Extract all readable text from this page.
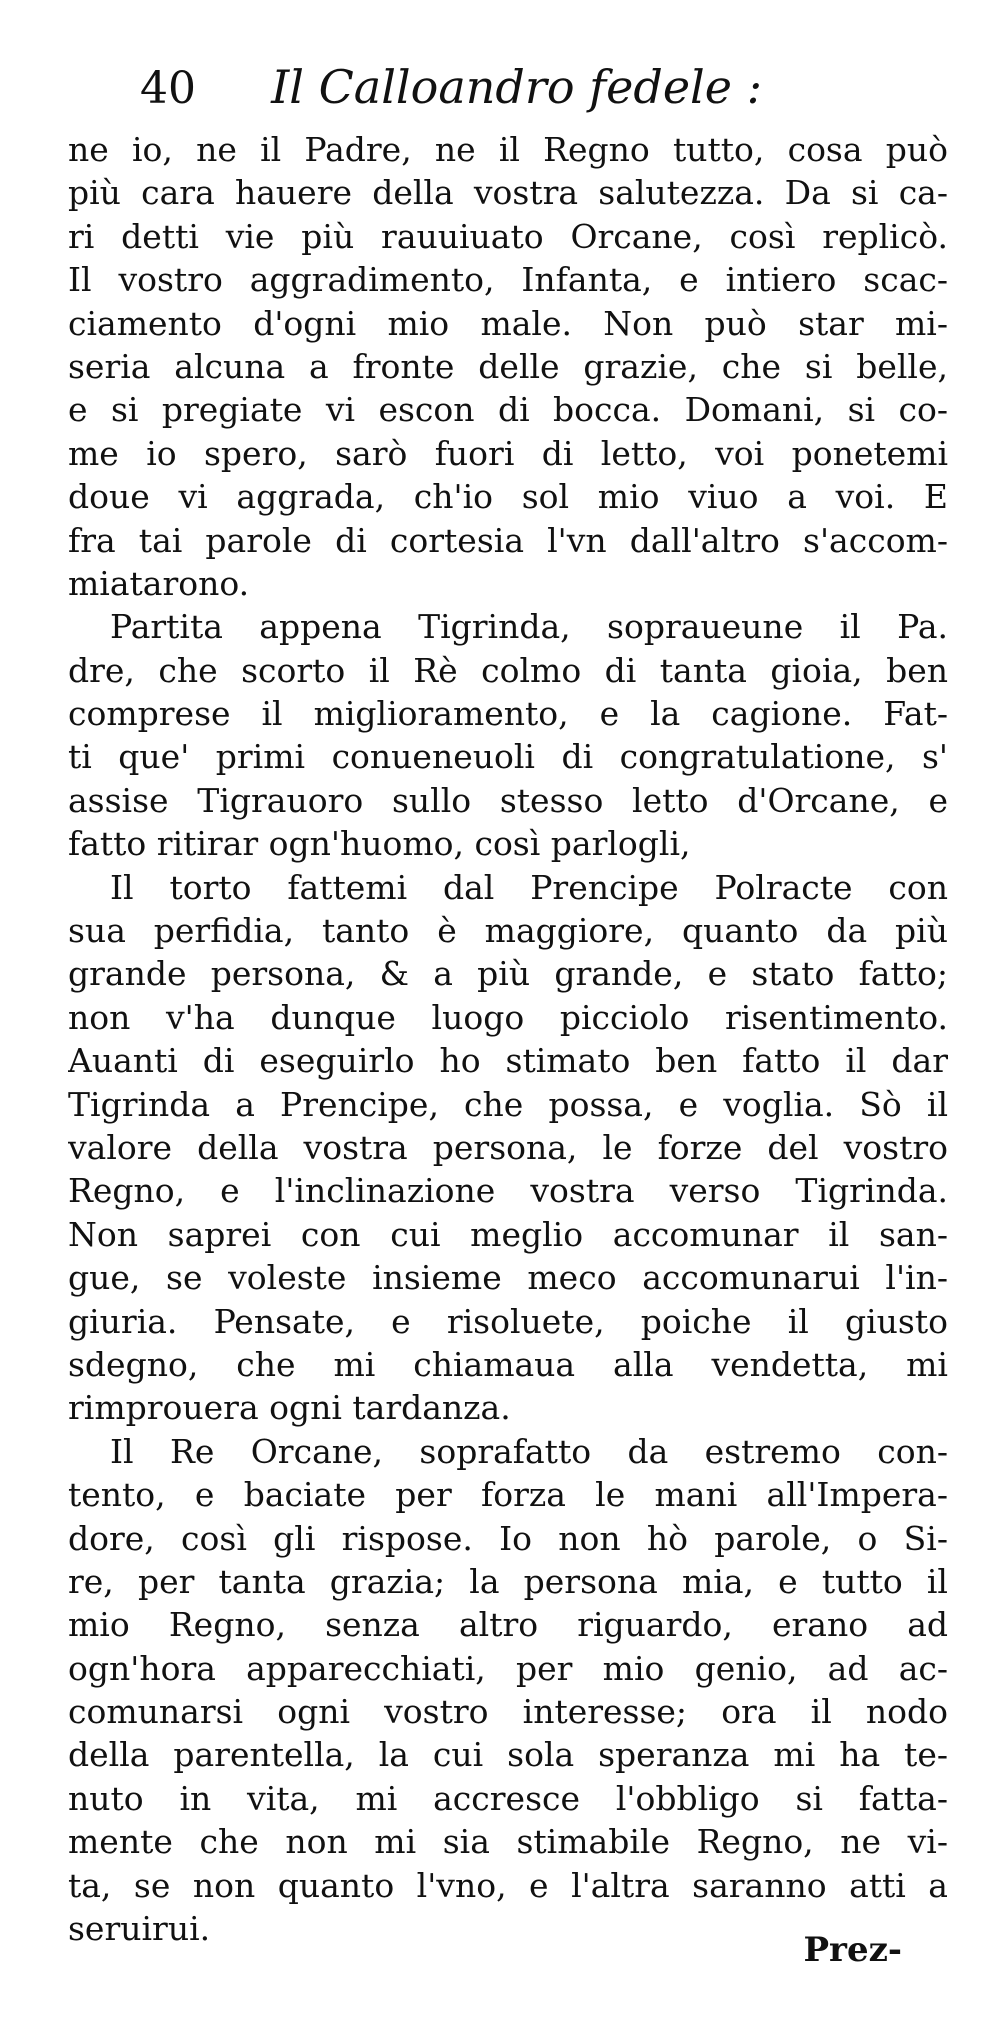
40 Il Calloandro fedele :
ne io, ne il Padre, ne il Regno tutto, cosa può
più cara hauere della vostra salutezza. Da si ca-
ri detti vie più rauuiuato Orcane, così replicò.
Il vostro aggradimento, Infanta, e intiero scac-
ciamento d'ogni mio male. Non può star mi-
seria alcuna a fronte delle grazie, che si belle,
e si pregiate vi escon di bocca. Domani, si co-
me io spero, sarò fuori di letto, voi ponetemi
doue vi aggrada, ch'io sol mio viuo a voi. E
fra tai parole di cortesia l'vn dall'altro s'accom-
miatarono.
Partita appena Tigrinda, sopraueune il Pa.
dre, che scorto il Rè colmo di tanta gioia, ben
comprese il miglioramento, e la cagione. Fat-
ti que' primi conueneuoli di congratulatione, s'
assise Tigrauoro sullo stesso letto d'Orcane, e
fatto ritirar ogn'huomo, così parlogli,
Il torto fattemi dal Prencipe Polracte con
sua perfidia, tanto è maggiore, quanto da più
grande persona, & a più grande, e stato fatto;
non v'ha dunque luogo picciolo risentimento.
Auanti di eseguirlo ho stimato ben fatto il dar
Tigrinda a Prencipe, che possa, e voglia. Sò il
valore della vostra persona, le forze del vostro
Regno, e l'inclinazione vostra verso Tigrinda.
Non saprei con cui meglio accomunar il san-
gue, se voleste insieme meco accomunarui l'in-
giuria. Pensate, e risoluete, poiche il giusto
sdegno, che mi chiamaua alla vendetta, mi
rimprouera ogni tardanza.
Il Re Orcane, soprafatto da estremo con-
tento, e baciate per forza le mani all'Impera-
dore, così gli rispose. Io non hò parole, o Si-
re, per tanta grazia; la persona mia, e tutto il
mio Regno, senza altro riguardo, erano ad
ogn'hora apparecchiati, per mio genio, ad ac-
comunarsi ogni vostro interesse; ora il nodo
della parentella, la cui sola speranza mi ha te-
nuto in vita, mi accresce l'obbligo si fatta-
mente che non mi sia stimabile Regno, ne vi-
ta, se non quanto l'vno, e l'altra saranno atti a
seruirui.
Prez-
